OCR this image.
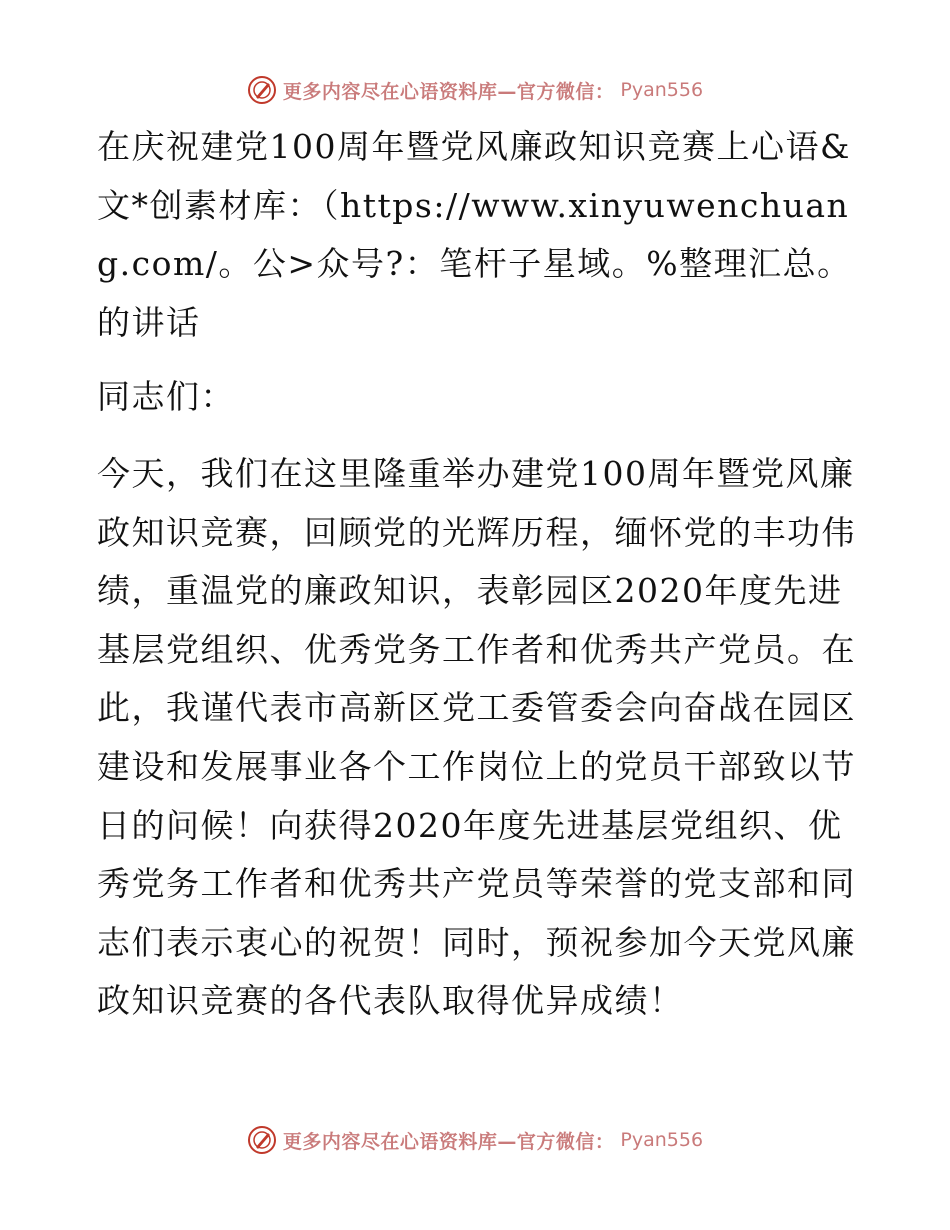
更多内容尽在心语资料库—官方微信： Pyan556

在庆祝建党100周年暨党风廉政知识竞赛上心语&文*创素材库：（https://www.xinyuwenchuang.com/。公>众号?：笔杆子星域。%整理汇总。的讲话

同志们：

今天，我们在这里隆重举办建党100周年暨党风廉政知识竞赛，回顾党的光辉历程，缅怀党的丰功伟绩，重温党的廉政知识，表彰园区2020年度先进基层党组织、优秀党务工作者和优秀共产党员。在此，我谨代表市高新区党工委管委会向奋战在园区建设和发展事业各个工作岗位上的党员干部致以节日的问候！向获得2020年度先进基层党组织、优秀党务工作者和优秀共产党员等荣誉的党支部和同志们表示衷心的祝贺！同时，预祝参加今天党风廉政知识竞赛的各代表队取得优异成绩！

更多内容尽在心语资料库—官方微信： Pyan556
